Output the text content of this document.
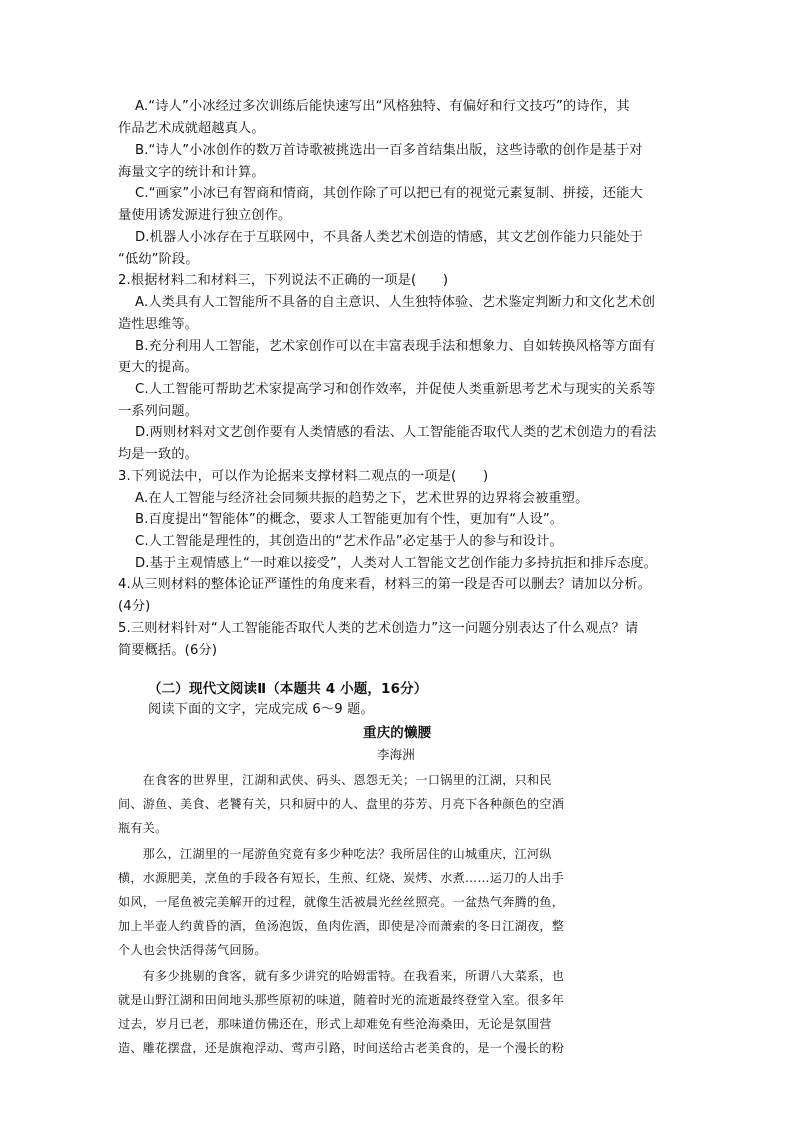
A.“诗人”小冰经过多次训练后能快速写出“风格独特、有偏好和行文技巧”的诗作，其
作品艺术成就超越真人。
B.“诗人”小冰创作的数万首诗歌被挑选出一百多首结集出版，这些诗歌的创作是基于对
海量文字的统计和计算。
C.“画家”小冰已有智商和情商，其创作除了可以把已有的视觉元素复制、拼接，还能大
量使用诱发源进行独立创作。
D.机器人小冰存在于互联网中，不具备人类艺术创造的情感，其文艺创作能力只能处于
“低幼”阶段。
2.根据材料二和材料三，下列说法不正确的一项是(　　)
A.人类具有人工智能所不具备的自主意识、人生独特体验、艺术鉴定判断力和文化艺术创
造性思维等。
B.充分利用人工智能，艺术家创作可以在丰富表现手法和想象力、自如转换风格等方面有
更大的提高。
C.人工智能可帮助艺术家提高学习和创作效率，并促使人类重新思考艺术与现实的关系等
一系列问题。
D.两则材料对文艺创作要有人类情感的看法、人工智能能否取代人类的艺术创造力的看法
均是一致的。
3.下列说法中，可以作为论据来支撑材料二观点的一项是(　　)
A.在人工智能与经济社会同频共振的趋势之下，艺术世界的边界将会被重塑。
B.百度提出“智能体”的概念，要求人工智能更加有个性，更加有“人设”。
C.人工智能是理性的，其创造出的“艺术作品”必定基于人的参与和设计。
D.基于主观情感上“一时难以接受”，人类对人工智能文艺创作能力多持抗拒和排斥态度。
4.从三则材料的整体论证严谨性的角度来看，材料三的第一段是否可以删去？请加以分析。
(4分)
5.三则材料针对“人工智能能否取代人类的艺术创造力”这一问题分别表达了什么观点？请
简要概括。(6分)
（二）现代文阅读Ⅱ（本题共 4 小题，16分）
阅读下面的文字，完成完成 6～9 题。
重庆的懒腰
李海洲
　　在食客的世界里，江湖和武侠、码头、恩怨无关；一口锅里的江湖，只和民
间、游鱼、美食、老饕有关，只和厨中的人、盘里的芬芳、月亮下各种颜色的空酒
瓶有关。
　　那么，江湖里的一尾游鱼究竟有多少种吃法？我所居住的山城重庆，江河纵
横，水源肥美，烹鱼的手段各有短长，生煎、红烧、炭烤、水煮……运刀的人出手
如风，一尾鱼被完美解开的过程，就像生活被晨光丝丝照亮。一盆热气奔腾的鱼，
加上半壶人约黄昏的酒，鱼汤泡饭，鱼肉佐酒，即使是冷而萧索的冬日江湖夜，整
个人也会快活得荡气回肠。
　　有多少挑剔的食客，就有多少讲究的哈姆雷特。在我看来，所谓八大菜系，也
就是山野江湖和田间地头那些原初的味道，随着时光的流逝最终登堂入室。很多年
过去，岁月已老，那味道仿佛还在，形式上却难免有些沧海桑田，无论是氛围营
造、雕花摆盘，还是旗袍浮动、莺声引路，时间送给古老美食的，是一个漫长的粉
